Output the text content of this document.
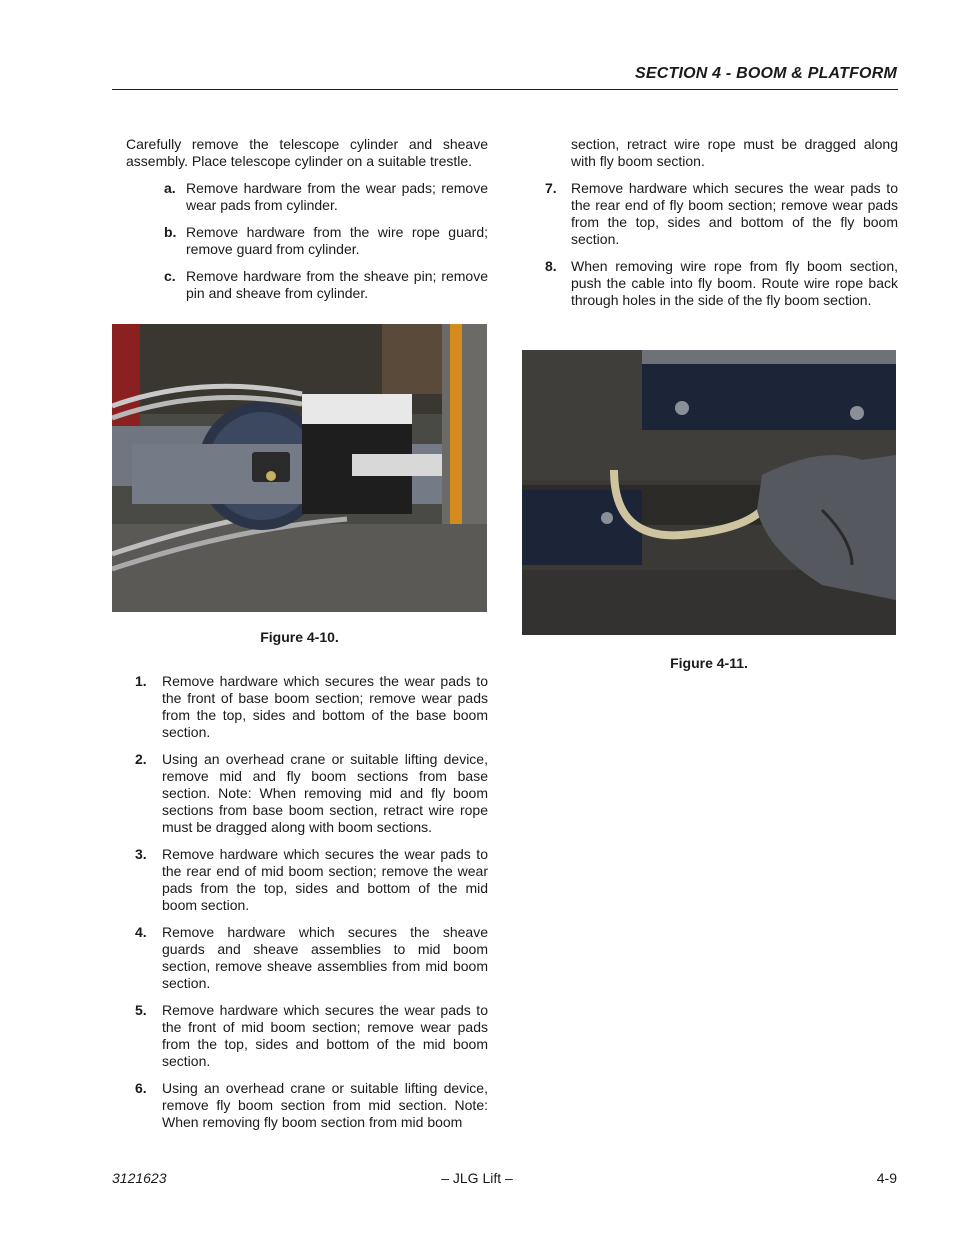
SECTION 4 - BOOM & PLATFORM

Carefully remove the telescope cylinder and sheave assembly. Place telescope cylinder on a suitable trestle.

a. Remove hardware from the wear pads; remove wear pads from cylinder.
b. Remove hardware from the wire rope guard; remove guard from cylinder.
c. Remove hardware from the sheave pin; remove pin and sheave from cylinder.
Figure 4-10.
1. Remove hardware which secures the wear pads to the front of base boom section; remove wear pads from the top, sides and bottom of the base boom section.
2. Using an overhead crane or suitable lifting device, remove mid and fly boom sections from base section. Note: When removing mid and fly boom sections from base boom section, retract wire rope must be dragged along with boom sections.
3. Remove hardware which secures the wear pads to the rear end of mid boom section; remove the wear pads from the top, sides and bottom of the mid boom section.
4. Remove hardware which secures the sheave guards and sheave assemblies to mid boom section, remove sheave assemblies from mid boom section.
5. Remove hardware which secures the wear pads to the front of mid boom section; remove wear pads from the top, sides and bottom of the mid boom section.
6. Using an overhead crane or suitable lifting device, remove fly boom section from mid section. Note: When removing fly boom section from mid boom
section, retract wire rope must be dragged along with fly boom section.
7. Remove hardware which secures the wear pads to the rear end of fly boom section; remove wear pads from the top, sides and bottom of the fly boom section.
8. When removing wire rope from fly boom section, push the cable into fly boom. Route wire rope back through holes in the side of the fly boom section.
Figure 4-11.
3121623	– JLG Lift –	4-9
